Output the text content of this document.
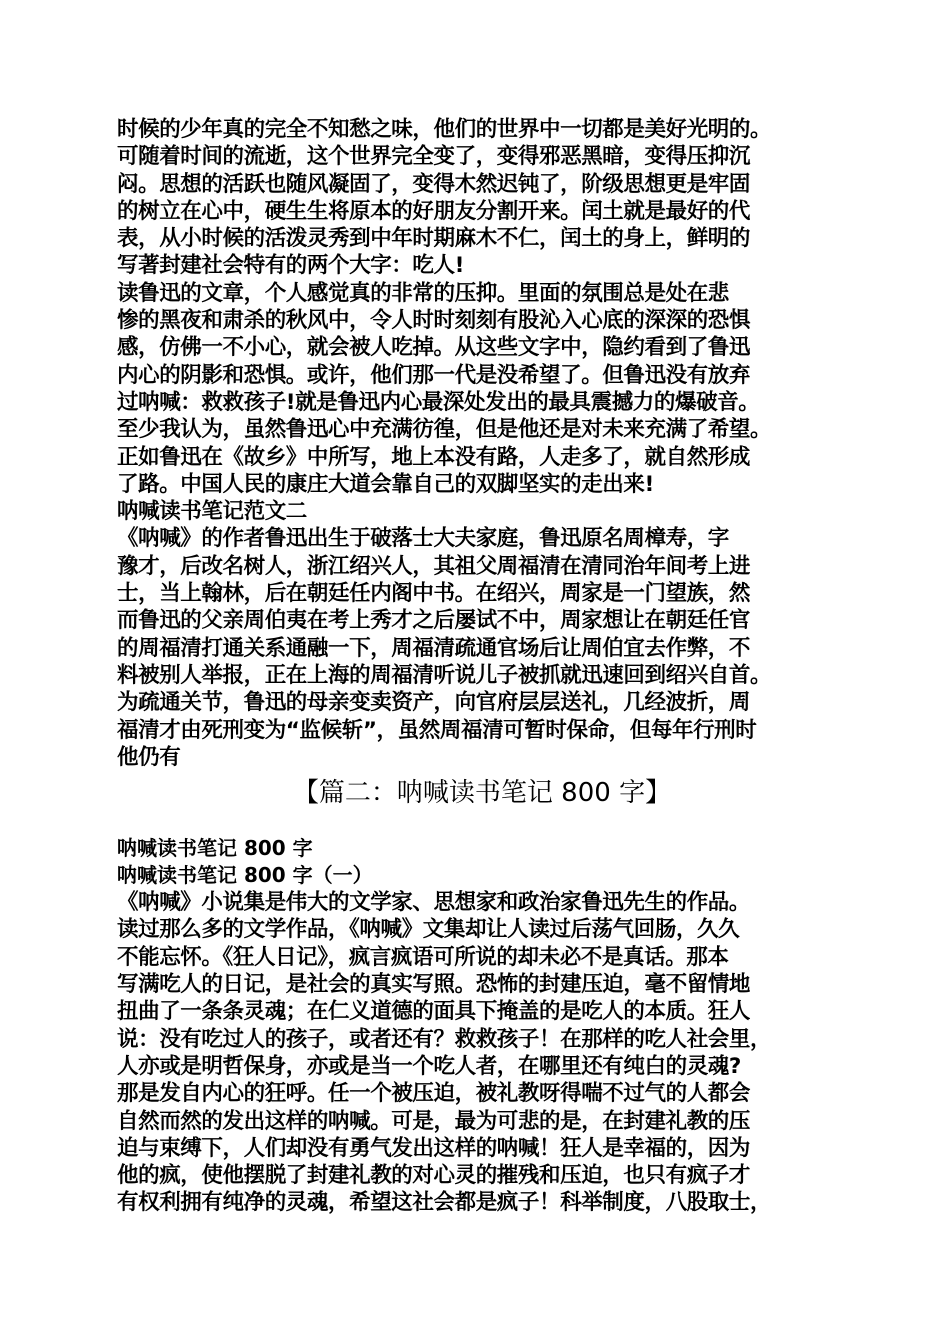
时候的少年真的完全不知愁之味，他们的世界中一切都是美好光明的。
可随着时间的流逝，这个世界完全变了，变得邪恶黑暗，变得压抑沉
闷。思想的活跃也随风凝固了，变得木然迟钝了，阶级思想更是牢固
的树立在心中，硬生生将原本的好朋友分割开来。闰土就是最好的代
表，从小时候的活泼灵秀到中年时期麻木不仁，闰土的身上，鲜明的
写著封建社会特有的两个大字：吃人!
读鲁迅的文章，个人感觉真的非常的压抑。里面的氛围总是处在悲
惨的黑夜和肃杀的秋风中，令人时时刻刻有股沁入心底的深深的恐惧
感，仿佛一不小心，就会被人吃掉。从这些文字中，隐约看到了鲁迅
内心的阴影和恐惧。或许，他们那一代是没希望了。但鲁迅没有放弃
过呐喊：救救孩子!就是鲁迅内心最深处发出的最具震撼力的爆破音。
至少我认为，虽然鲁迅心中充满彷徨，但是他还是对未来充满了希望。
正如鲁迅在《故乡》中所写，地上本没有路，人走多了，就自然形成
了路。中国人民的康庄大道会靠自己的双脚坚实的走出来!
呐喊读书笔记范文二
《呐喊》的作者鲁迅出生于破落士大夫家庭，鲁迅原名周樟寿，字
豫才，后改名树人，浙江绍兴人，其祖父周福清在清同治年间考上进
士，当上翰林，后在朝廷任内阁中书。在绍兴，周家是一门望族，然
而鲁迅的父亲周伯夷在考上秀才之后屡试不中，周家想让在朝廷任官
的周福清打通关系通融一下，周福清疏通官场后让周伯宜去作弊，不
料被别人举报，正在上海的周福清听说儿子被抓就迅速回到绍兴自首。
为疏通关节，鲁迅的母亲变卖资产，向官府层层送礼，几经波折，周
福清才由死刑变为“监候斩”，虽然周福清可暂时保命，但每年行刑时
他仍有
【篇二：呐喊读书笔记 800 字】
呐喊读书笔记 800 字
呐喊读书笔记 800 字（一）
《呐喊》小说集是伟大的文学家、思想家和政治家鲁迅先生的作品。
读过那么多的文学作品，《呐喊》文集却让人读过后荡气回肠，久久
不能忘怀。《狂人日记》，疯言疯语可所说的却未必不是真话。那本
写满吃人的日记，是社会的真实写照。恐怖的封建压迫，毫不留情地
扭曲了一条条灵魂；在仁义道德的面具下掩盖的是吃人的本质。狂人
说：没有吃过人的孩子，或者还有？救救孩子！在那样的吃人社会里，
人亦或是明哲保身，亦或是当一个吃人者，在哪里还有纯白的灵魂?
那是发自内心的狂呼。任一个被压迫，被礼教呀得喘不过气的人都会
自然而然的发出这样的呐喊。可是，最为可悲的是，在封建礼教的压
迫与束缚下，人们却没有勇气发出这样的呐喊！狂人是幸福的，因为
他的疯，使他摆脱了封建礼教的对心灵的摧残和压迫，也只有疯子才
有权利拥有纯净的灵魂，希望这社会都是疯子！科举制度，八股取士，
